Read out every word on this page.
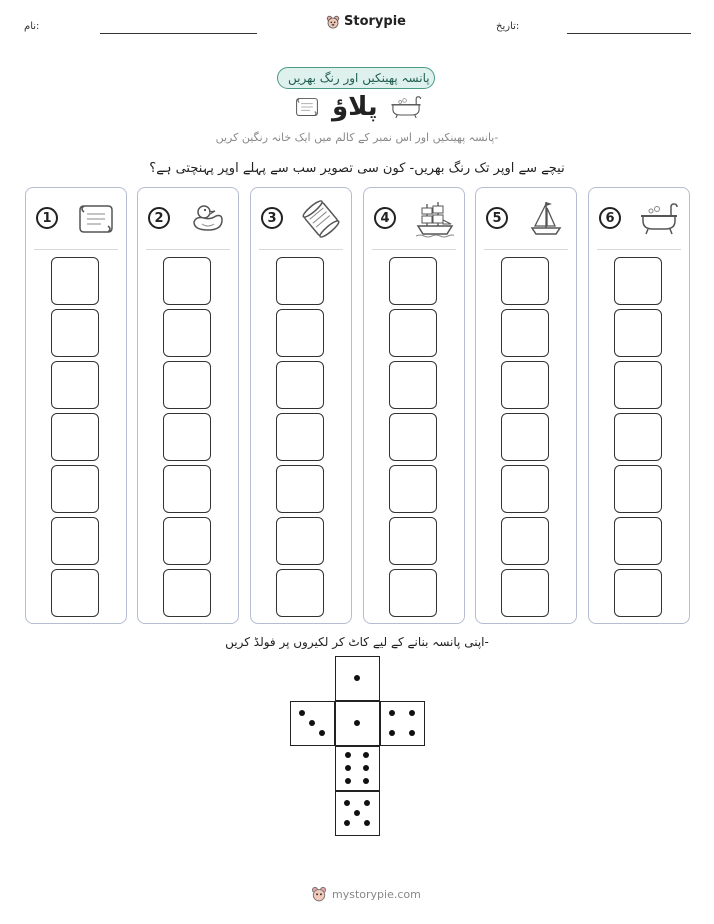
نام:	Storypie	تاریخ:
پانسہ پھینکیں اور رنگ بھریں
پلاؤ
پانسہ پھینکیں اور اس نمبر کے کالم میں ایک خانہ رنگین کریں-
نیچے سے اوپر تک رنگ بھریں- کون سی تصویر سب سے پہلے اوپر پہنچتی ہے؟
1	2	3	4	5	6
اپنی پانسہ بنانے کے لیے کاٹ کر لکیروں پر فولڈ کریں-
mystorypie.com
